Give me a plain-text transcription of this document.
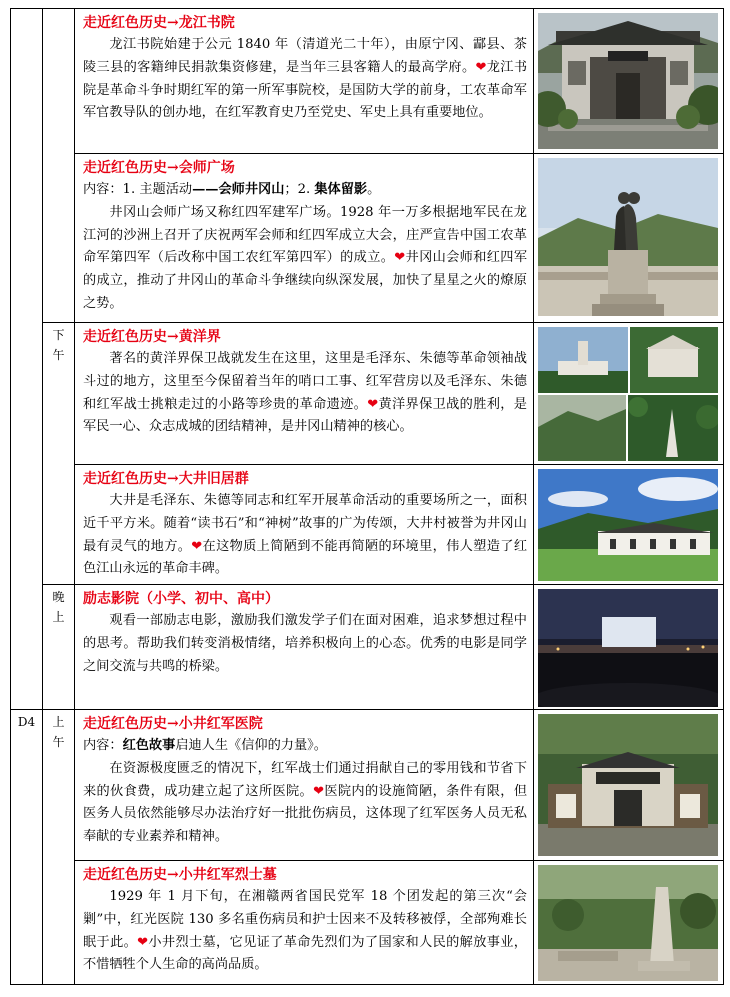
		走近红色历史→龙江书院

龙江书院始建于公元 1840 年（清道光二十年），由原宁冈、酃县、茶陵三县的客籍绅民捐款集资修建，是当年三县客籍人的最高学府。❤龙江书院是革命斗争时期红军的第一所军事院校，是国防大学的前身，工农革命军军官教导队的创办地，在红军教育史乃至党史、军史上具有重要地位。

		走近红色历史→会师广场

内容：1. 主题活动——会师井冈山；2. 集体留影。

井冈山会师广场又称红四军建军广场。1928 年一万多根据地军民在龙江河的沙洲上召开了庆祝两军会师和红四军成立大会，庄严宣告中国工农革命军第四军（后改称中国工农红军第四军）的成立。❤井冈山会师和红四军的成立，推动了井冈山的革命斗争继续向纵深发展，加快了星星之火的燎原之势。

	下午	走近红色历史→黄洋界

著名的黄洋界保卫战就发生在这里，这里是毛泽东、朱德等革命领袖战斗过的地方，这里至今保留着当年的哨口工事、红军营房以及毛泽东、朱德和红军战士挑粮走过的小路等珍贵的革命遗迹。❤黄洋界保卫战的胜利，是军民一心、众志成城的团结精神，是井冈山精神的核心。

		走近红色历史→大井旧居群

大井是毛泽东、朱德等同志和红军开展革命活动的重要场所之一，面积近千平方米。随着“读书石”和“神树”故事的广为传颂，大井村被誉为井冈山最有灵气的地方。❤在这物质上简陋到不能再简陋的环境里，伟人塑造了红色江山永远的革命丰碑。

	晚上	励志影院（小学、初中、高中）

观看一部励志电影，激励我们激发学子们在面对困难，追求梦想过程中的思考。帮助我们转变消极情绪，培养积极向上的心态。优秀的电影是同学之间交流与共鸣的桥梁。

D4	上午	走近红色历史→小井红军医院

内容：红色故事启迪人生《信仰的力量》。

在资源极度匮乏的情况下，红军战士们通过捐献自己的零用钱和节省下来的伙食费，成功建立起了这所医院。❤医院内的设施简陋，条件有限，但医务人员依然能够尽办法治疗好一批批伤病员，这体现了红军医务人员无私奉献的专业素养和精神。

		走近红色历史→小井红军烈士墓

1929 年 1 月下旬，在湘赣两省国民党军 18 个团发起的第三次“会剿”中，红光医院 130 多名重伤病员和护士因来不及转移被俘，全部殉难长眠于此。❤小井烈士墓，它见证了革命先烈们为了国家和人民的解放事业，不惜牺牲个人生命的高尚品质。
